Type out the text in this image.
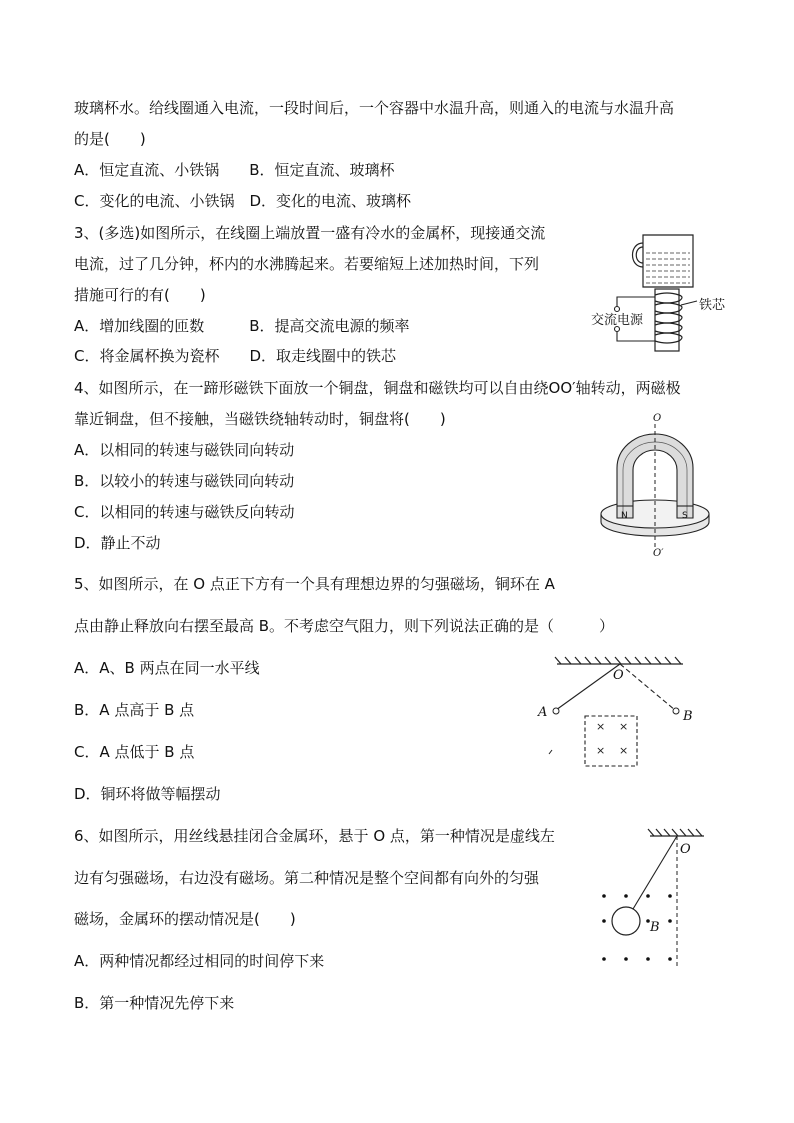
玻璃杯水。给线圈通入电流，一段时间后，一个容器中水温升高，则通入的电流与水温升高
的是(　　)
A．恒定直流、小铁锅　　B．恒定直流、玻璃杯
C．变化的电流、小铁锅　D．变化的电流、玻璃杯
3、(多选)如图所示，在线圈上端放置一盛有冷水的金属杯，现接通交流
电流，过了几分钟，杯内的水沸腾起来。若要缩短上述加热时间，下列
措施可行的有(　　)
A．增加线圈的匝数　　　B．提高交流电源的频率
C．将金属杯换为瓷杯　　D．取走线圈中的铁芯
交流电源
铁芯
4、如图所示，在一蹄形磁铁下面放一个铜盘，铜盘和磁铁均可以自由绕OO′轴转动，两磁极
靠近铜盘，但不接触，当磁铁绕轴转动时，铜盘将(　　)
A．以相同的转速与磁铁同向转动
B．以较小的转速与磁铁同向转动
C．以相同的转速与磁铁反向转动
D．静止不动
N	S
O
O′
5、如图所示，在 O 点正下方有一个具有理想边界的匀强磁场，铜环在 A
点由静止释放向右摆至最高 B。不考虑空气阻力，则下列说法正确的是（　　　）
A．A、B 两点在同一水平线
B．A 点高于 B 点
C．A 点低于 B 点
D．铜环将做等幅摆动
× ×
× ×
O
A	B
6、如图所示，用丝线悬挂闭合金属环，悬于 O 点，第一种情况是虚线左
边有匀强磁场，右边没有磁场。第二种情况是整个空间都有向外的匀强
磁场，金属环的摆动情况是(　　)
A．两种情况都经过相同的时间停下来
B．第一种情况先停下来
O
B
